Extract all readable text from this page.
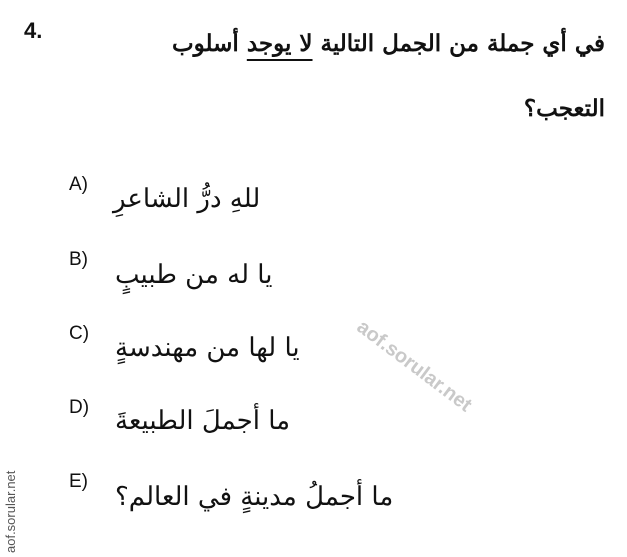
4.	في أي جملة من الجمل التالية لا يوجد أسلوب
التعجب؟
A) للهِ درُّ الشاعرِ
B)
يا له من طبيبٍ
C) يا لها من مهندسةٍ
D) ما أجملَ الطبيعةَ
E)
ما أجملُ مدينةٍ في العالم؟
aof.sorular.net
aof.sorular.net
